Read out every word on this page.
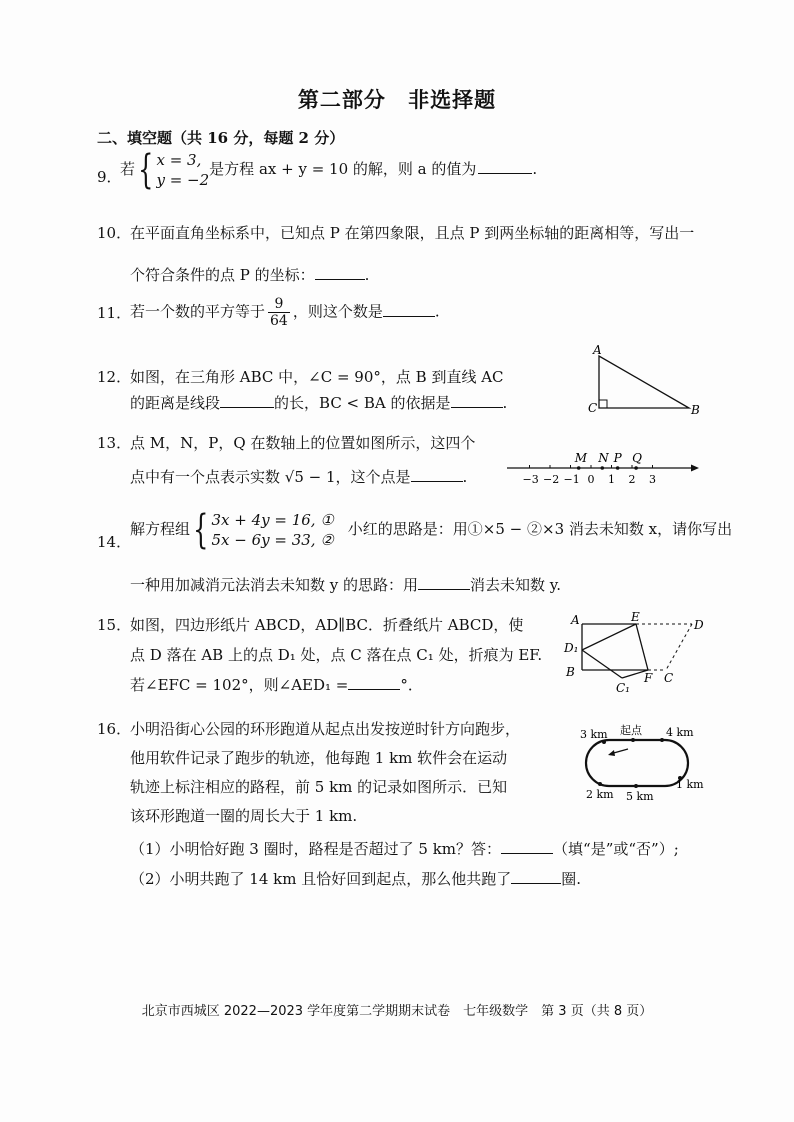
第二部分 非选择题
二、填空题（共 16 分，每题 2 分）
9．
若{ x = 3,
y = −2
是方程 ax + y = 10 的解，则 a 的值为	.
10．
在平面直角坐标系中，已知点 P 在第四象限，且点 P 到两坐标轴的距离相等，写出一
个符合条件的点 P 的坐标：	.
11．
若一个数的平方等于 $\frac{9}{64}$ ，则这个数是	.
12．
如图，在三角形 ABC 中，∠C = 90°，点 B 到直线 AC
的距离是线段	的长，BC < BA 的依据是	.
A
C	B
13．
点 M，N，P，Q 在数轴上的位置如图所示，这四个
点中有一个点表示实数 √5 − 1，这个点是	.	−3 −2 −1 0 1 2 3
M N P Q
14．
解方程组{ 3x + 4y = 16, ①
5x − 6y = 33, ②
小红的思路是：用①×5 − ②×3 消去未知数 x，请你写出
一种用加减消元法消去未知数 y 的思路：用	消去未知数 y.
15．
如图，四边形纸片 ABCD，AD∥BC．折叠纸片 ABCD，使
点 D 落在 AB 上的点 D₁ 处，点 C 落在点 C₁ 处，折痕为 EF.
若∠EFC = 102°，则∠AED₁ =	°．
A	E
D
D₁
B	F C
C₁
16．
小明沿街心公园的环形跑道从起点出发按逆时针方向跑步，
他用软件记录了跑步的轨迹，他每跑 1 km 软件会在运动
轨迹上标注相应的路程，前 5 km 的记录如图所示．已知
该环形跑道一圈的周长大于 1 km.
（1）小明恰好跑 3 圈时，路程是否超过了 5 km？答：	（填“是”或“否”）;
（2）小明共跑了 14 km 且恰好回到起点，那么他共跑了	圈.
起点
3 km	4 km
1 km
2 km 5 km
北京市西城区 2022—2023 学年度第二学期期末试卷　七年级数学　第 3 页（共 8 页）
